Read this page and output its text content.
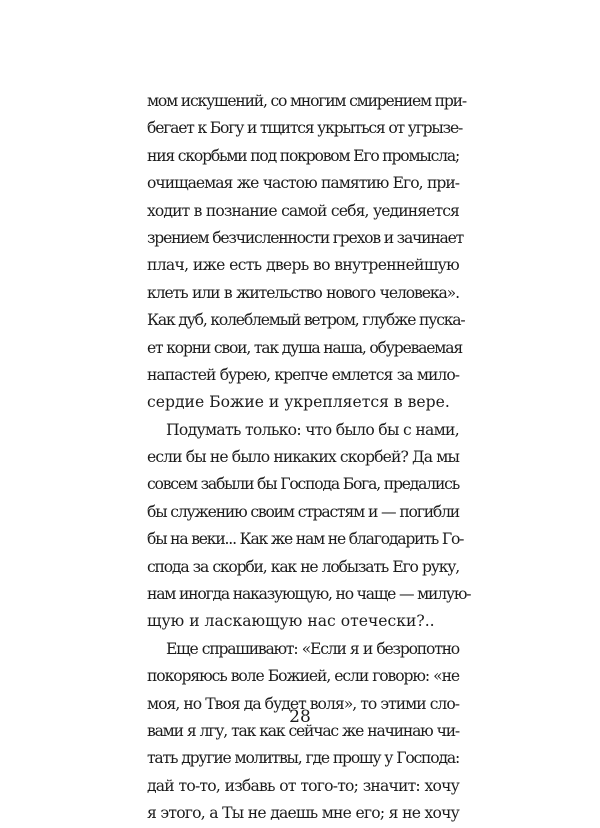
мом искушений, со многим смирением при-
бегает к Богу и тщится укрыться от угрызе-
ния скорбьми под покровом Его промысла;
очищаемая же частою памятию Его, при-
ходит в познание самой себя, уединяется
зрением безчисленности грехов и зачинает
плач, иже есть дверь во внутреннейшую
клеть или в жительство нового человека».
Как дуб, колеблемый ветром, глубже пуска-
ет корни свои, так душа наша, обуреваемая
напастей бурею, крепче емлется за мило-
сердие Божие и укрепляется в вере.
Подумать только: что было бы с нами,
если бы не было никаких скорбей? Да мы
совсем забыли бы Господа Бога, предались
бы служению своим страстям и — погибли
бы на веки... Как же нам не благодарить Го-
спода за скорби, как не лобызать Его руку,
нам иногда наказующую, но чаще — милую-
щую и ласкающую нас отечески?..
Еще спрашивают: «Если я и безропотно
покоряюсь воле Божией, если говорю: «не
моя, но Твоя да будет воля», то этими сло-
вами я лгу, так как сейчас же начинаю чи-
тать другие молитвы, где прошу у Господа:
дай то-то, избавь от того-то; значит: хочу
я этого, а Ты не даешь мне его; я не хочу
28
